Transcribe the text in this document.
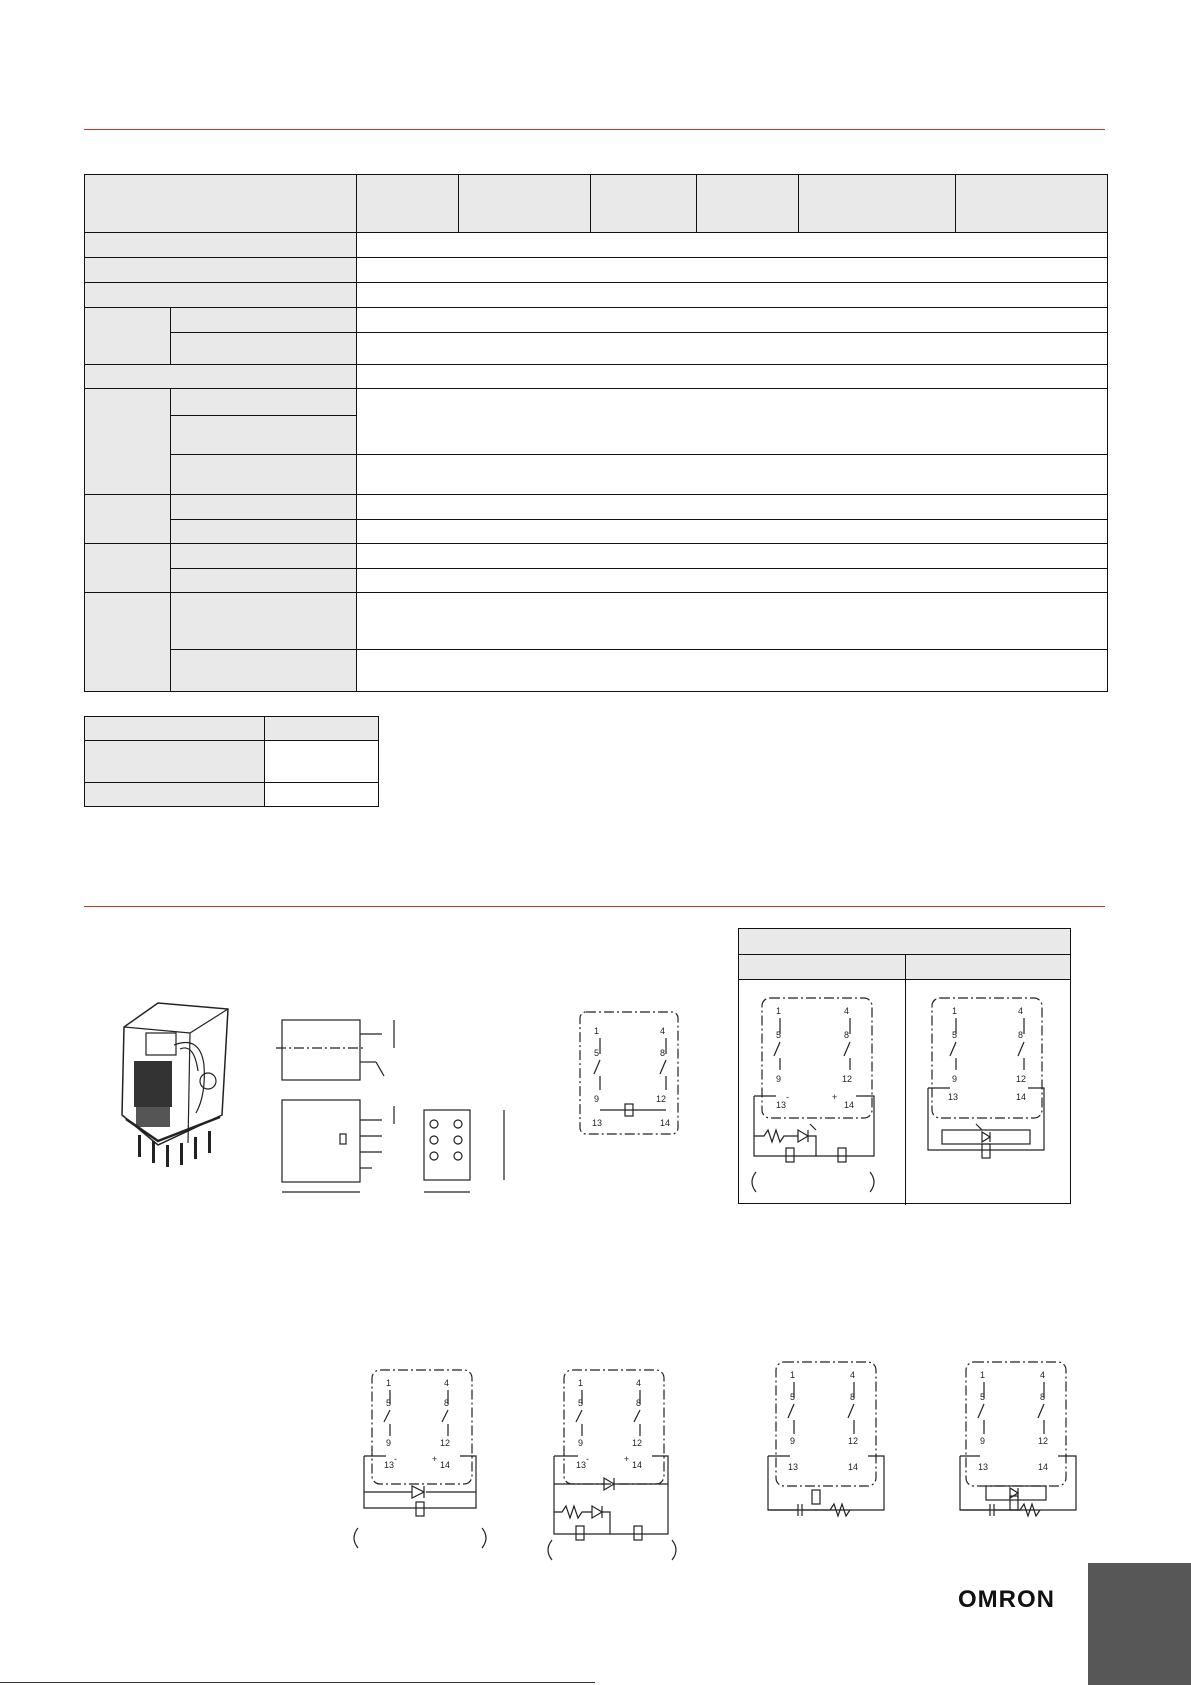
1	4
5	8
9	12
13	14
1	4
5	8
9	12
13
-	+
14
1	4
5	8
9	12
13	14
1	4
5	8
9	12
13
-	+
14
1	4
5	8
9	12
13
-	+
14
1	4
5	8
9	12
13	14
1	4
5	8
9	12
13	14
OMRON
